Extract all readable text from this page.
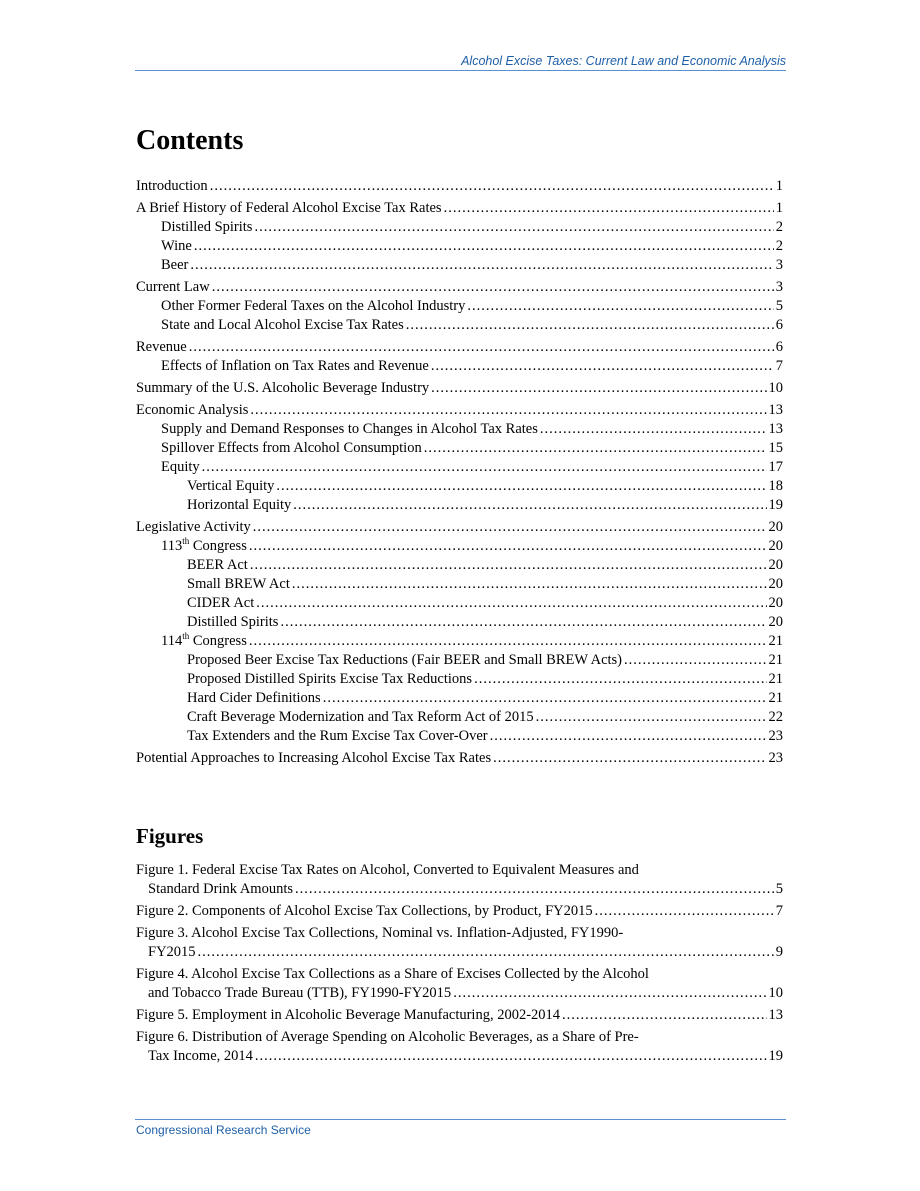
Alcohol Excise Taxes: Current Law and Economic Analysis
Contents
Introduction .....	1
A Brief History of Federal Alcohol Excise Tax Rates .....	1
Distilled Spirits .....	2
Wine .....	2
Beer .....	3
Current Law .....	3
Other Former Federal Taxes on the Alcohol Industry .....	5
State and Local Alcohol Excise Tax Rates .....	6
Revenue .....	6
Effects of Inflation on Tax Rates and Revenue .....	7
Summary of the U.S. Alcoholic Beverage Industry .....	10
Economic Analysis .....	13
Supply and Demand Responses to Changes in Alcohol Tax Rates .....	13
Spillover Effects from Alcohol Consumption .....	15
Equity .....	17
Vertical Equity .....	18
Horizontal Equity .....	19
Legislative Activity .....	20
113th Congress .....	20
BEER Act .....	20
Small BREW Act .....	20
CIDER Act .....	20
Distilled Spirits .....	20
114th Congress .....	21
Proposed Beer Excise Tax Reductions (Fair BEER and Small BREW Acts) .....	21
Proposed Distilled Spirits Excise Tax Reductions .....	21
Hard Cider Definitions .....	21
Craft Beverage Modernization and Tax Reform Act of 2015 .....	22
Tax Extenders and the Rum Excise Tax Cover-Over .....	23
Potential Approaches to Increasing Alcohol Excise Tax Rates .....	23
Figures
Figure 1. Federal Excise Tax Rates on Alcohol, Converted to Equivalent Measures and
Standard Drink Amounts .....	5
Figure 2. Components of Alcohol Excise Tax Collections, by Product, FY2015 .....	7
Figure 3. Alcohol Excise Tax Collections, Nominal vs. Inflation-Adjusted, FY1990-
FY2015 .....	9
Figure 4. Alcohol Excise Tax Collections as a Share of Excises Collected by the Alcohol
and Tobacco Trade Bureau (TTB), FY1990-FY2015 .....	10
Figure 5. Employment in Alcoholic Beverage Manufacturing, 2002-2014 .....	13
Figure 6. Distribution of Average Spending on Alcoholic Beverages, as a Share of Pre-
Tax Income, 2014 .....	19
Congressional Research Service
